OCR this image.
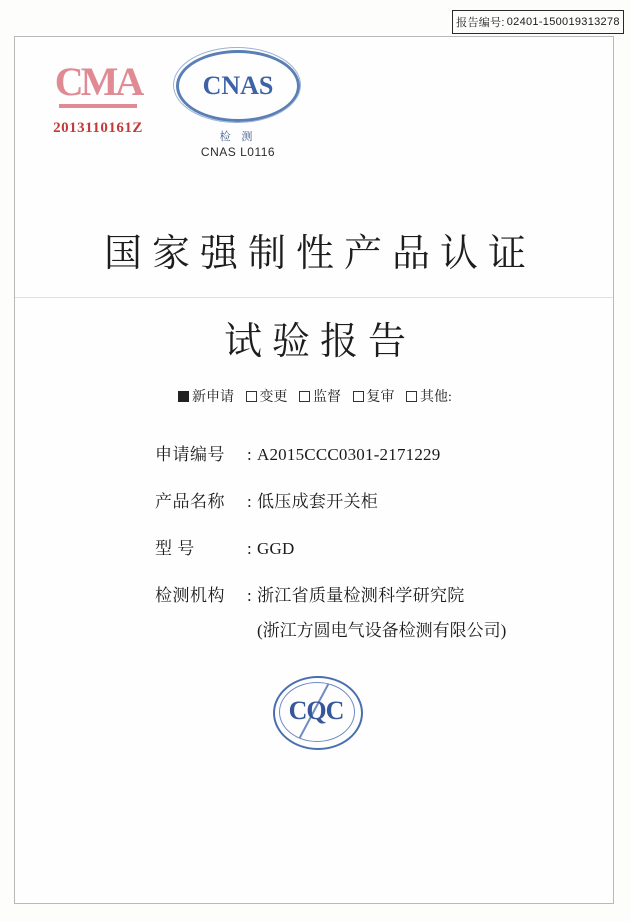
报告编号: 02401-150019313278
CMA
2013110161Z
CNAS
检 测
CNAS L0116
国家强制性产品认证
试验报告
新申请 变更 监督 复审 其他:
申请编号	: A2015CCC0301-2171229
产品名称	: 低压成套开关柜
型 号	: GGD
检测机构	: 浙江省质量检测科学研究院
(浙江方圆电气设备检测有限公司)
CQC
